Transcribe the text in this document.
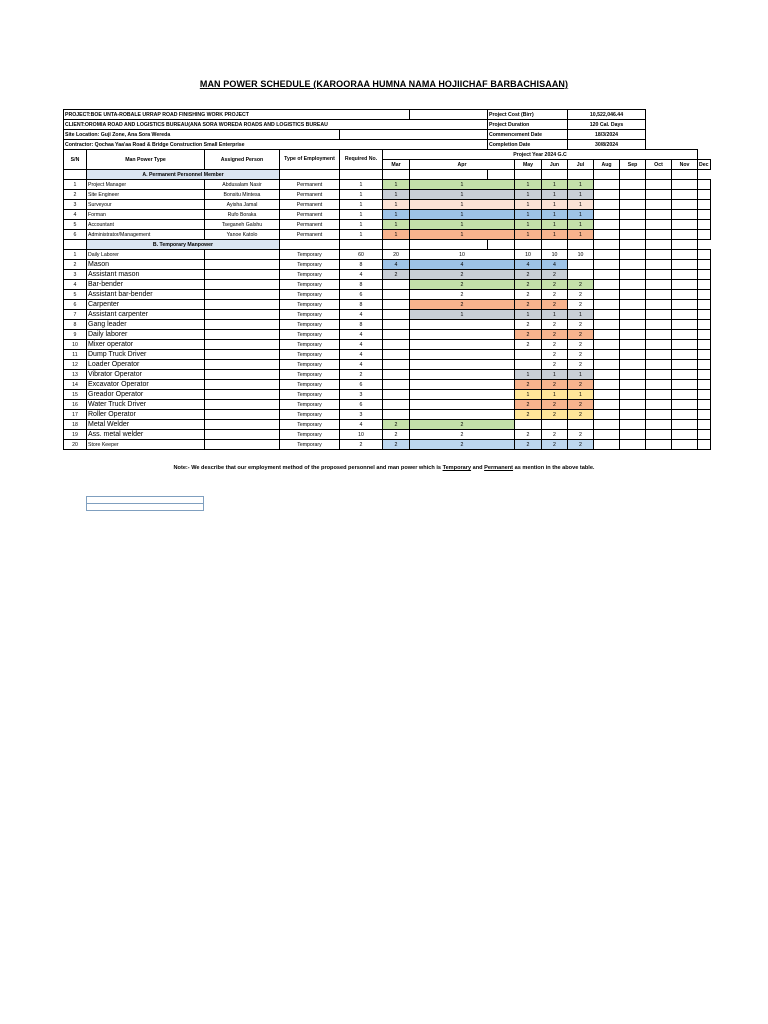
MAN POWER SCHEDULE (KAROORAA HUMNA NAMA HOJIICHAF BARBACHISAAN)
PROJECT:BOE UNTA-ROBALE URRAP ROAD FINISHING WORK PROJECT							Project Cost (Birr)			10,522,046.44					
CLIENT:OROMIA ROAD AND LOGISTICS BUREAU(ANA SORA WOREDA ROADS AND LOGISTICS BUREAU							Project Duration			120 Cal. Days					
Site Location: Guji Zone, Ana Sora Wereda							Commencement Date			18/3/2024					
Contractor: Qochaa Yaa'aa Road & Bridge Construction Small Enterprise							Completion Date			30/8/2024					
S/N	Man Power Type	Assigned Person	Type of Employment	Required No.	Project Year 2024 G.C										
					Mar	Apr		May	Jun	Jul	Aug	Sep	Oct	Nov	Dec
	A. Permanent Personnel Member														
1	Project Manager	Abdusalam Nasir	Permanent	1	1	1		1	1	1					
2	Site Engineer	Bonsitu Mintesa	Permanent	1	1	1		1	1	1					
3	Surveyour	Ayisha Jamal	Permanent	1	1	1		1	1	1					
4	Forman	Rufo Boraka	Permanent	1	1	1		1	1	1					
5	Accountant	Tseganeh Galshu	Permanent	1	1	1		1	1	1					
6	Administrator/Management	Yanoe Katolo	Permanent	1	1	1		1	1	1					
	B. Temporary Manpower														
1	Daily Laborer		Temporary	60	20	10		10	10	10					
2	Mason		Temporary	8	4	4		4	4						
3	Assistant mason		Temporary	4	2	2		2	2						
4	Bar-bender		Temporary	8		2		2	2	2					
5	Assistant bar-bender		Temporary	6		2		2	2	2					
6	Carpenter		Temporary	8		2		2	2	2					
7	Assistant carpenter		Temporary	4		1		1	1	1					
8	Gang leader		Temporary	8				2	2	2					
9	Daily laborer		Temporary	4				2	2	2					
10	Mixer operator		Temporary	4				2	2	2					
11	Dump Truck Driver		Temporary	4					2	2					
12	Loader Operator		Temporary	4					2	2					
13	Vibrator Operator		Temporary	2				1	1	1					
14	Excavator Operator		Temporary	6				2	2	2					
15	Greador Operator		Temporary	3				1	1	1					
16	Water Truck Driver		Temporary	6				2	2	2					
17	Roller Operator		Temporary	3				2	2	2					
18	Metal Welder		Temporary	4	2	2									
19	Ass. metal welder		Temporary	10	2	2		2	2	2					
20	Store Keeper		Temporary	2	2	2		2	2	2					
Note:- We describe that our employment method of the proposed personnel and man power which is Temporary and Permanent as mention in the above table.
